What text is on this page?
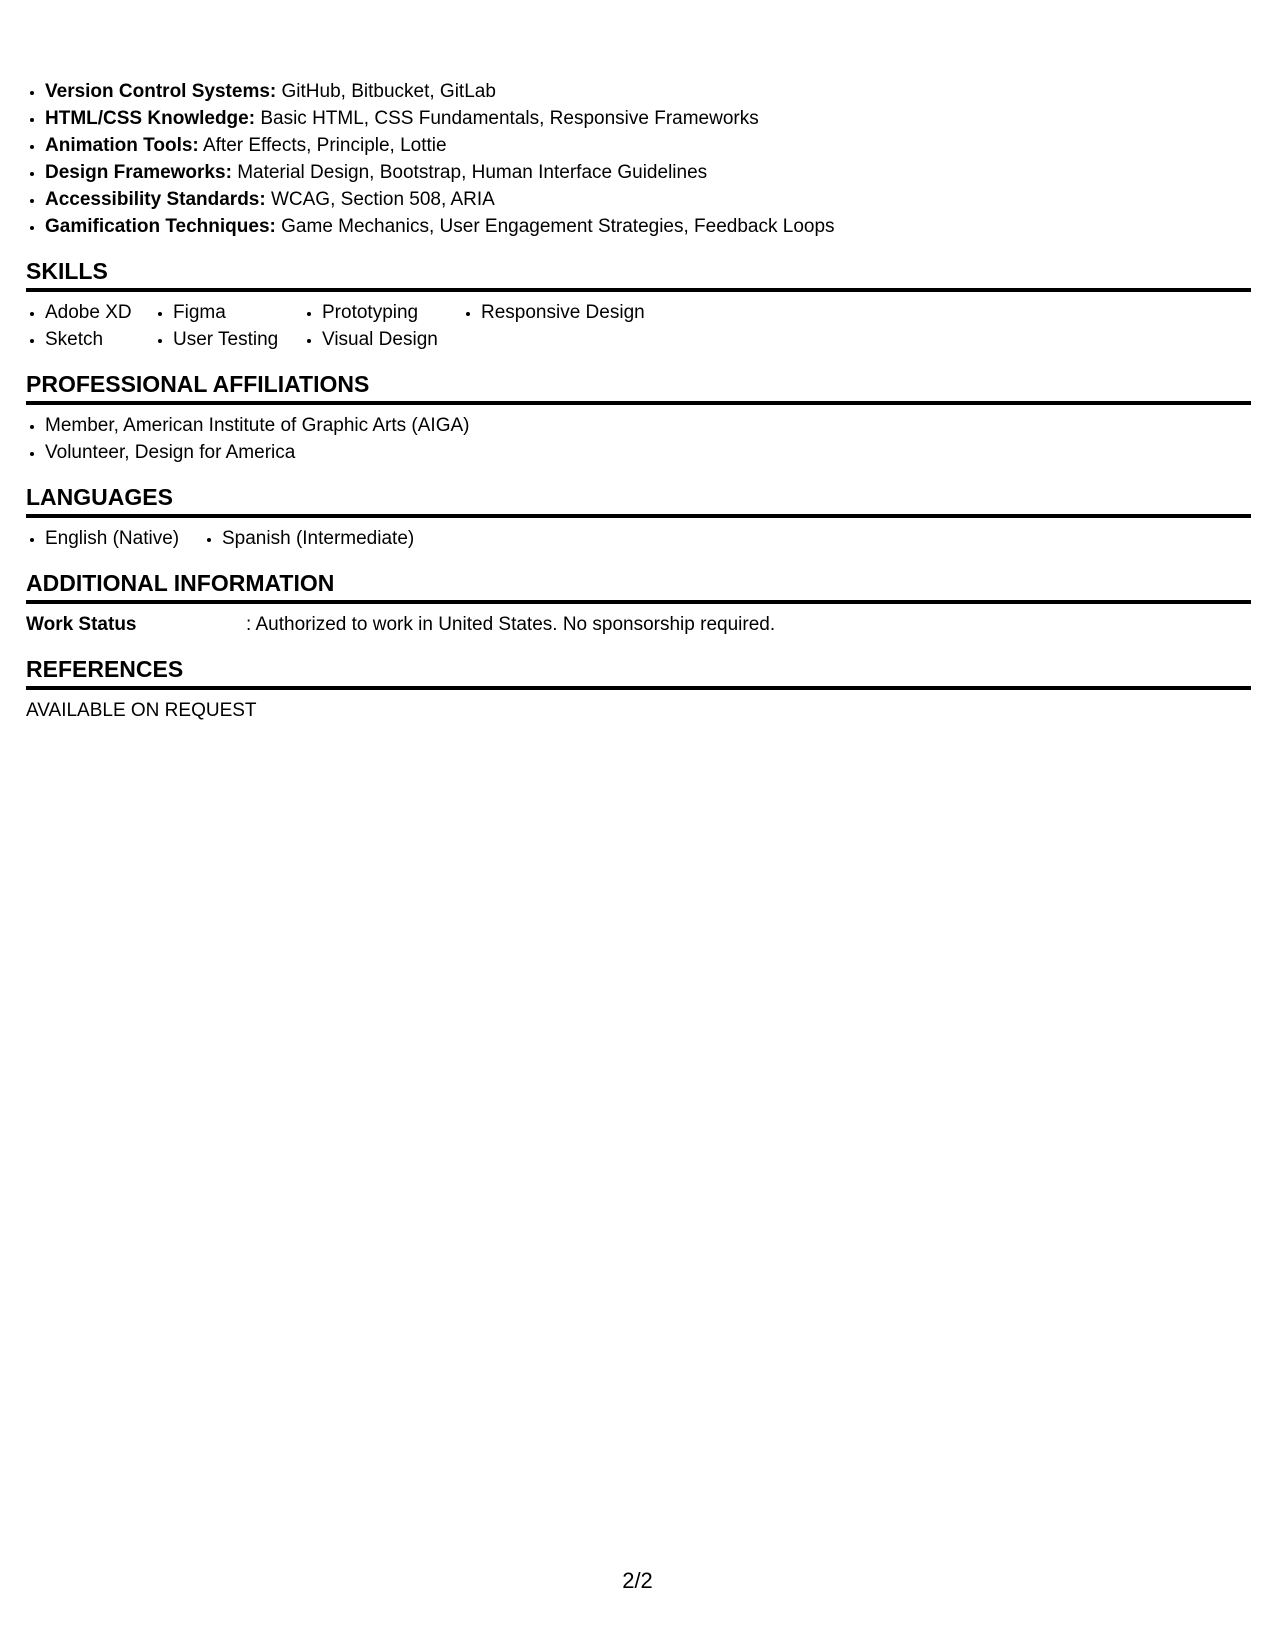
• Version Control Systems: GitHub, Bitbucket, GitLab
• HTML/CSS Knowledge: Basic HTML, CSS Fundamentals, Responsive Frameworks
• Animation Tools: After Effects, Principle, Lottie
• Design Frameworks: Material Design, Bootstrap, Human Interface Guidelines
• Accessibility Standards: WCAG, Section 508, ARIA
• Gamification Techniques: Game Mechanics, User Engagement Strategies, Feedback Loops
SKILLS
• Adobe XD
• Sketch
• Figma
• User Testing
• Prototyping
• Visual Design
• Responsive Design
PROFESSIONAL AFFILIATIONS
• Member, American Institute of Graphic Arts (AIGA)
• Volunteer, Design for America
LANGUAGES
• English (Native)
•	Spanish (Intermediate)
ADDITIONAL INFORMATION
Work Status	: Authorized to work in United States. No sponsorship required.
REFERENCES
AVAILABLE ON REQUEST
2/2
